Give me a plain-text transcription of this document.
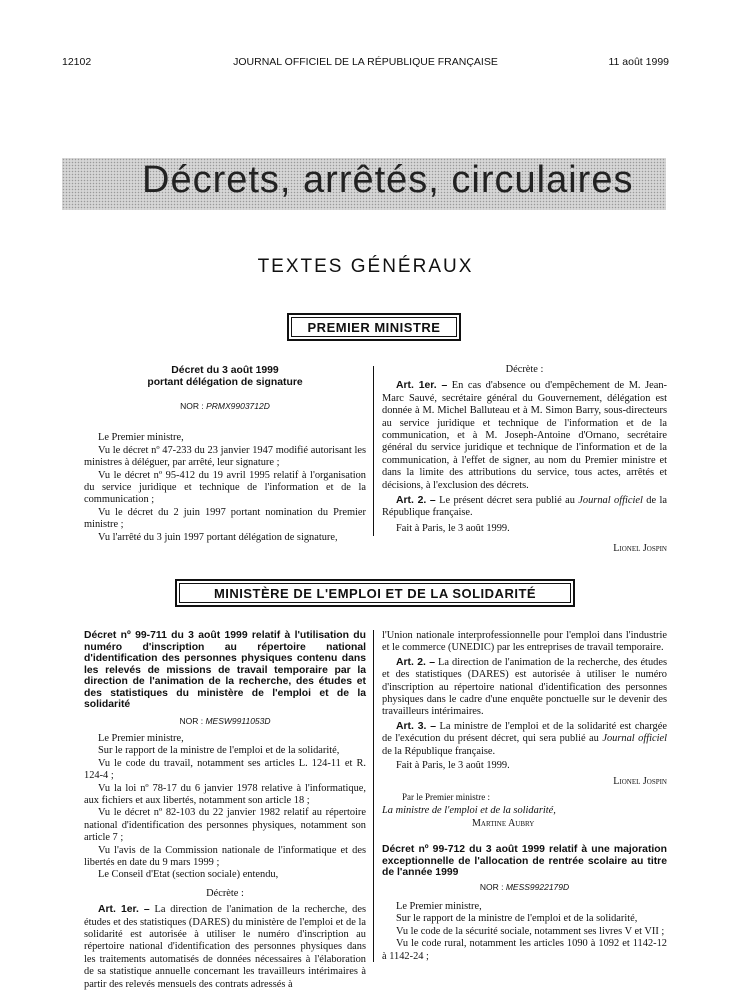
12102	JOURNAL OFFICIEL DE LA RÉPUBLIQUE FRANÇAISE	11 août 1999
Décrets, arrêtés, circulaires
TEXTES GÉNÉRAUX
PREMIER MINISTRE
Décret du 3 août 1999
portant délégation de signature
NOR : PRMX9903712D

Le Premier ministre,

Vu le décret nº 47-233 du 23 janvier 1947 modifié autorisant les ministres à déléguer, par arrêté, leur signature ;

Vu le décret nº 95-412 du 19 avril 1995 relatif à l'organisation du service juridique et technique de l'information et de la communication ;

Vu le décret du 2 juin 1997 portant nomination du Premier ministre ;

Vu l'arrêté du 3 juin 1997 portant délégation de signature,

Décrète :

Art. 1er. – En cas d'absence ou d'empêchement de M. Jean-Marc Sauvé, secrétaire général du Gouvernement, délégation est donnée à M. Michel Balluteau et à M. Simon Barry, sous-directeurs au service juridique et technique de l'information et de la communication, et à M. Joseph-Antoine d'Ornano, secrétaire général du service juridique et technique de l'information et de la communication, à l'effet de signer, au nom du Premier ministre et dans la limite des attributions du service, tous actes, arrêtés et décisions, à l'exclusion des décrets.

Art. 2. – Le présent décret sera publié au Journal officiel de la République française.

Fait à Paris, le 3 août 1999.

Lionel Jospin
MINISTÈRE DE L'EMPLOI ET DE LA SOLIDARITÉ
Décret nº 99-711 du 3 août 1999 relatif à l'utilisation du numéro d'inscription au répertoire national d'identification des personnes physiques contenu dans les relevés de missions de travail temporaire par la direction de l'animation de la recherche, des études et des statistiques du ministère de l'emploi et de la solidarité
NOR : MESW9911053D

Le Premier ministre,

Sur le rapport de la ministre de l'emploi et de la solidarité,

Vu le code du travail, notamment ses articles L. 124-11 et R. 124-4 ;

Vu la loi nº 78-17 du 6 janvier 1978 relative à l'informatique, aux fichiers et aux libertés, notamment son article 18 ;

Vu le décret nº 82-103 du 22 janvier 1982 relatif au répertoire national d'identification des personnes physiques, notamment son article 7 ;

Vu l'avis de la Commission nationale de l'informatique et des libertés en date du 9 mars 1999 ;

Le Conseil d'Etat (section sociale) entendu,

Décrète :

Art. 1er. – La direction de l'animation de la recherche, des études et des statistiques (DARES) du ministère de l'emploi et de la solidarité est autorisée à utiliser le numéro d'inscription au répertoire national d'identification des personnes physiques dans les traitements automatisés de données nécessaires à l'élaboration de sa statistique annuelle concernant les travailleurs intérimaires à partir des relevés mensuels des contrats adressés à

l'Union nationale interprofessionnelle pour l'emploi dans l'industrie et le commerce (UNEDIC) par les entreprises de travail temporaire.

Art. 2. – La direction de l'animation de la recherche, des études et des statistiques (DARES) est autorisée à utiliser le numéro d'inscription au répertoire national d'identification des personnes physiques dans le cadre d'une enquête ponctuelle sur le devenir des travailleurs intérimaires.

Art. 3. – La ministre de l'emploi et de la solidarité est chargée de l'exécution du présent décret, qui sera publié au Journal officiel de la République française.

Fait à Paris, le 3 août 1999.

Lionel Jospin
Par le Premier ministre :
La ministre de l'emploi et de la solidarité,
Martine Aubry
Décret nº 99-712 du 3 août 1999 relatif à une majoration exceptionnelle de l'allocation de rentrée scolaire au titre de l'année 1999
NOR : MESS9922179D

Le Premier ministre,

Sur le rapport de la ministre de l'emploi et de la solidarité,

Vu le code de la sécurité sociale, notamment ses livres V et VII ;

Vu le code rural, notamment les articles 1090 à 1092 et 1142-12 à 1142-24 ;
